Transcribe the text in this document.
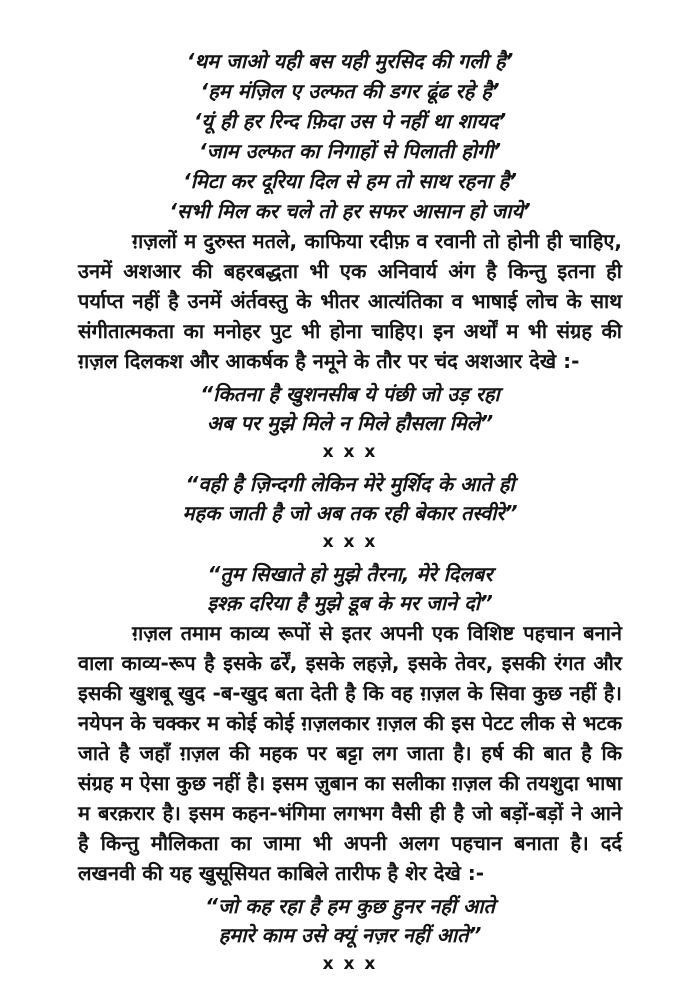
‘थम जाओ यही बस यही मुरसिद की गली है’
‘हम मंज़िल ए उल्फत की डगर ढूंढ रहे है’
‘यूं ही हर रिन्द फ़िदा उस पे नहीं था शायद’
‘जाम उल्फत का निगाहों से पिलाती होगी’
‘मिटा कर दूरिया दिल से हम तो साथ रहना है’
‘सभी मिल कर चले तो हर सफर आसान हो जाये’

ग़ज़लों म दुरुस्त मतले, काफिया रदीफ़ व रवानी तो होनी ही चाहिए, उनमें अशआर की बहरबद्धता भी एक अनिवार्य अंग है किन्तु इतना ही पर्याप्त नहीं है उनमें अंर्तवस्तु के भीतर आत्यंतिका व भाषाई लोच के साथ संगीतात्मकता का मनोहर पुट भी होना चाहिए। इन अर्थों म भी संग्रह की ग़ज़ल दिलकश और आकर्षक है नमूने के तौर पर चंद अशआर देखे :-

“कितना है खुशनसीब ये पंछी जो उड़ रहा
अब पर मुझे मिले न मिले हौसला मिले”
x x x
“वही है ज़िन्दगी लेकिन मेरे मुर्शिद के आते ही
महक जाती है जो अब तक रही बेकार तस्वीरे”
x x x
“तुम सिखाते हो मुझे तैरना, मेरे दिलबर
इश्क़ दरिया है मुझे डूब के मर जाने दो”

ग़ज़ल तमाम काव्य रूपों से इतर अपनी एक विशिष्ट पहचान बनाने वाला काव्य-रूप है इसके ढर्रें, इसके लहज़े, इसके तेवर, इसकी रंगत और इसकी खुशबू खुद -ब-खुद बता देती है कि वह ग़ज़ल के सिवा कुछ नहीं है। नयेपन के चक्कर म कोई कोई ग़ज़लकार ग़ज़ल की इस पेटट लीक से भटक जाते है जहाँ ग़ज़ल की महक पर बट्टा लग जाता है। हर्ष की बात है कि संग्रह म ऐसा कुछ नहीं है। इसम ज़ुबान का सलीका ग़ज़ल की तयशुदा भाषा म बरक़रार है। इसम कहन-भंगिमा लगभग वैसी ही है जो बड़ों-बड़ों ने आने है किन्तु मौलिकता का जामा भी अपनी अलग पहचान बनाता है। दर्द लखनवी की यह खुसूसियत काबिले तारीफ है शेर देखे :-

“जो कह रहा है हम कुछ हुनर नहीं आते
हमारे काम उसे क्यूं नज़र नहीं आते”
x x x
